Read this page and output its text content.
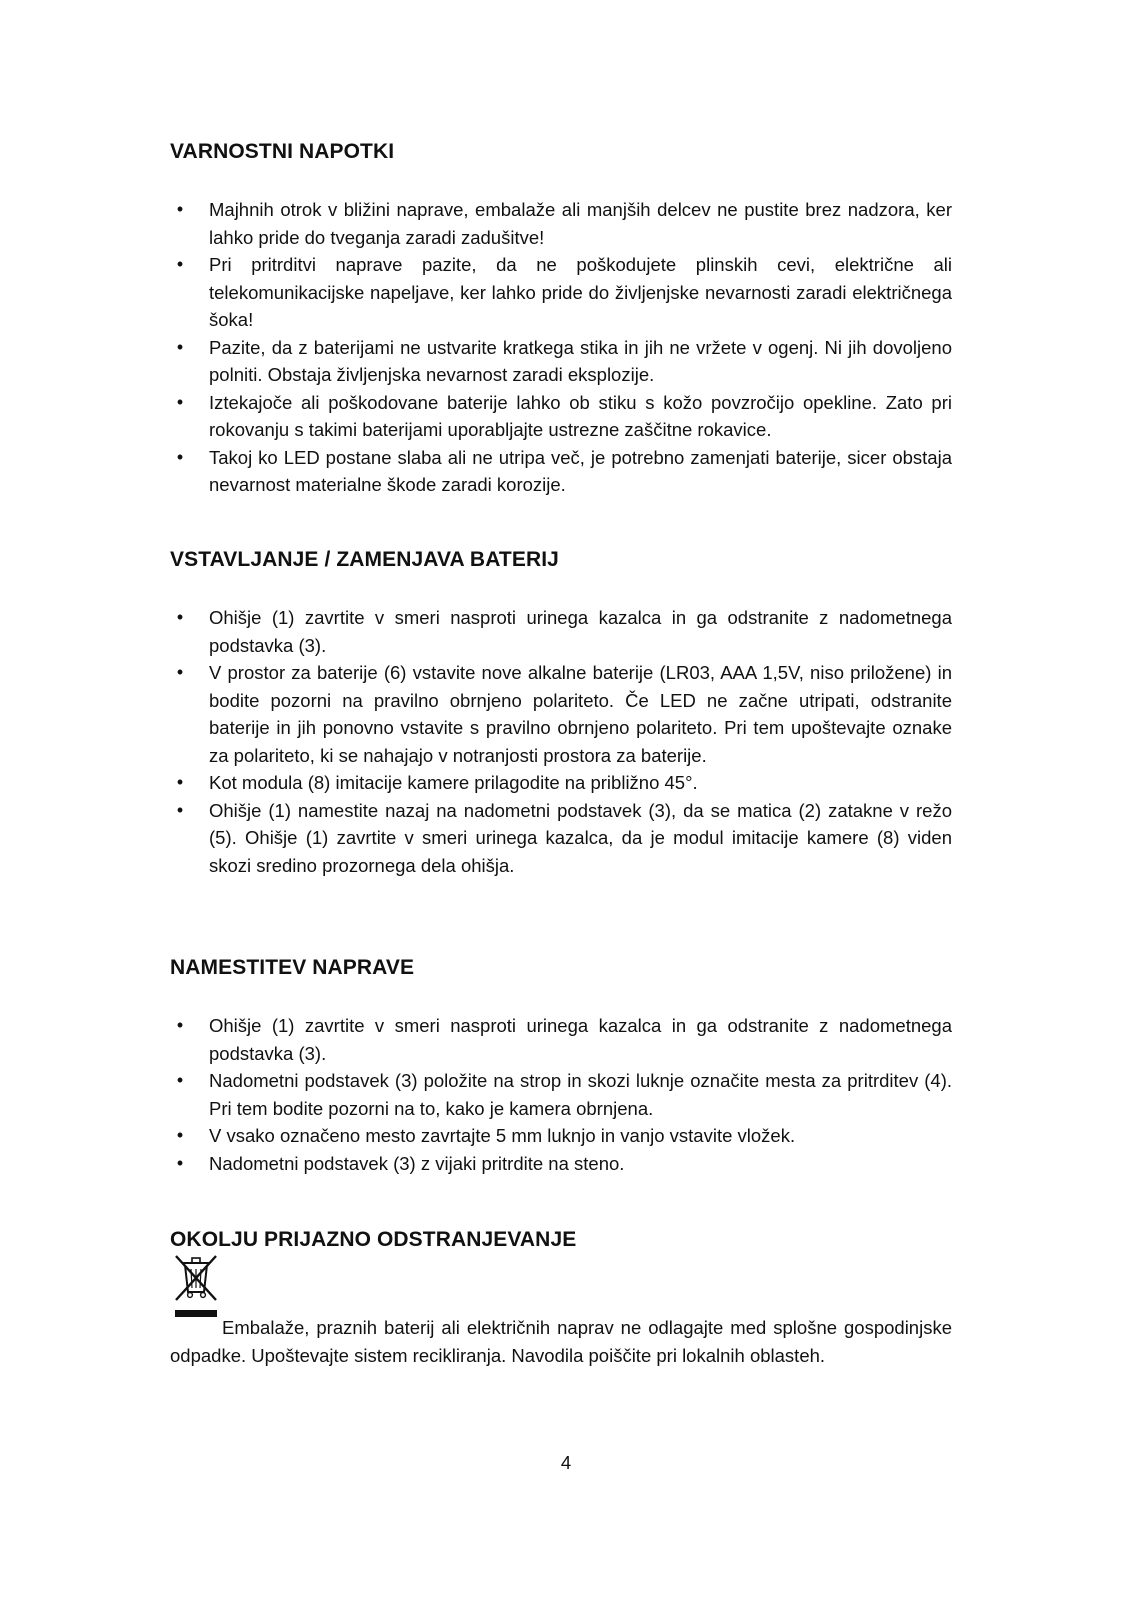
VARNOSTNI NAPOTKI
• Majhnih otrok v bližini naprave, embalaže ali manjših delcev ne pustite brez nadzora, ker lahko pride do tveganja zaradi zadušitve!
• Pri pritrditvi naprave pazite, da ne poškodujete plinskih cevi, električne ali telekomunikacijske napeljave, ker lahko pride do življenjske nevarnosti zaradi električnega šoka!
• Pazite, da z baterijami ne ustvarite kratkega stika in jih ne vržete v ogenj. Ni jih dovoljeno polniti. Obstaja življenjska nevarnost zaradi eksplozije.
• Iztekajoče ali poškodovane baterije lahko ob stiku s kožo povzročijo opekline. Zato pri rokovanju s takimi baterijami uporabljajte ustrezne zaščitne rokavice.
• Takoj ko LED postane slaba ali ne utripa več, je potrebno zamenjati baterije, sicer obstaja nevarnost materialne škode zaradi korozije.
VSTAVLJANJE / ZAMENJAVA BATERIJ
• Ohišje (1) zavrtite v smeri nasproti urinega kazalca in ga odstranite z nadometnega podstavka (3).
• V prostor za baterije (6) vstavite nove alkalne baterije (LR03, AAA 1,5V, niso priložene) in bodite pozorni na pravilno obrnjeno polariteto. Če LED ne začne utripati, odstranite baterije in jih ponovno vstavite s pravilno obrnjeno polariteto. Pri tem upoštevajte oznake za polariteto, ki se nahajajo v notranjosti prostora za baterije.
• Kot modula (8) imitacije kamere prilagodite na približno 45°.
• Ohišje (1) namestite nazaj na nadometni podstavek (3), da se matica (2) zataknе v režo (5). Ohišje (1) zavrtite v smeri urinega kazalca, da je modul imitacije kamere (8) viden skozi sredino prozornega dela ohišja.
NAMESTITEV NAPRAVE
• Ohišje (1) zavrtite v smeri nasproti urinega kazalca in ga odstranite z nadometnega podstavka (3).
• Nadometni podstavek (3) položite na strop in skozi luknje označite mesta za pritrditev (4). Pri tem bodite pozorni na to, kako je kamera obrnjena.
• V vsako označeno mesto zavrtajte 5 mm luknjo in vanjo vstavite vložek.
• Nadometni podstavek (3) z vijaki pritrdite na steno.
OKOLJU PRIJAZNO ODSTRANJEVANJE
Embalaže, praznih baterij ali električnih naprav ne odlagajte med splošne gospodinjske odpadke. Upoštevajte sistem recikliranja. Navodila poiščite pri lokalnih oblasteh.
4
